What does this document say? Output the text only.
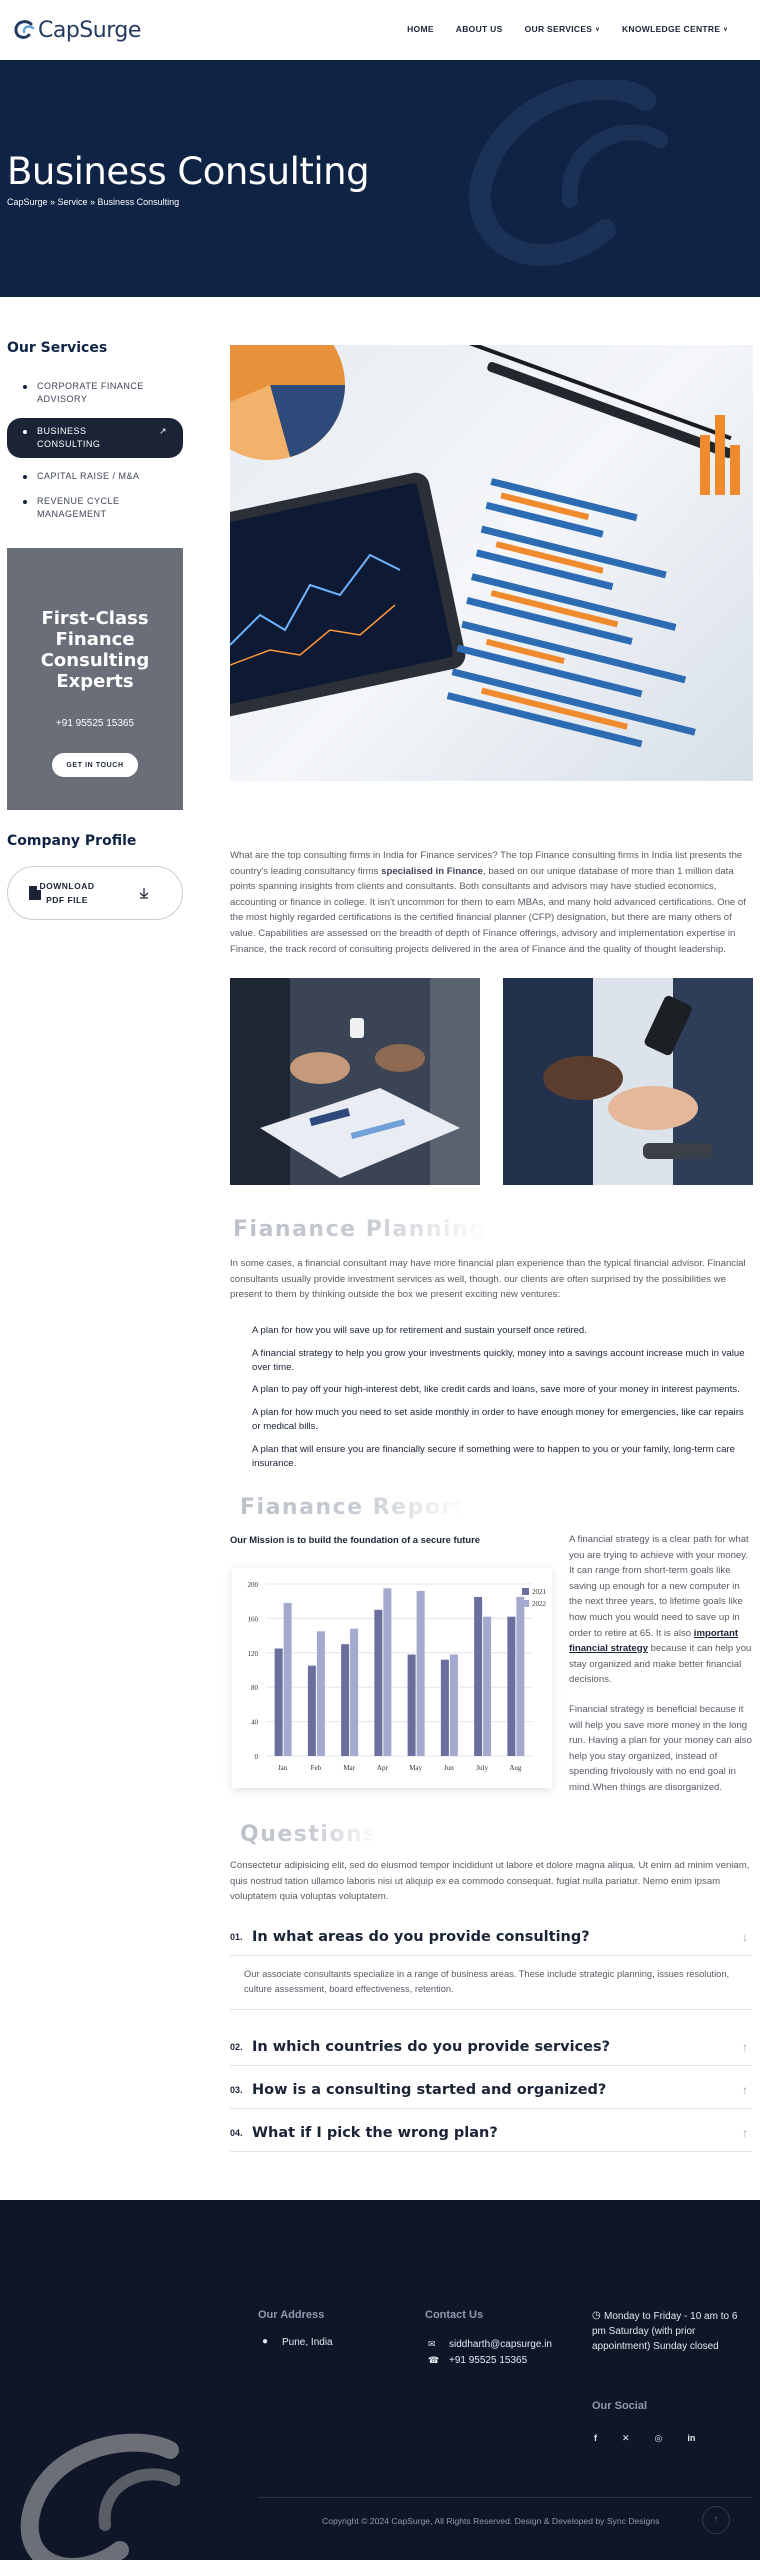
CapSurge	HOME	ABOUT US	OUR SERVICES ∨	KNOWLEDGE CENTRE ∨
Business Consulting
CapSurge » Service » Business Consulting
Our Services
CORPORATE FINANCE ADVISORY
BUSINESS CONSULTING
↗
CAPITAL RAISE / M&A
REVENUE CYCLE MANAGEMENT
First-Class Finance Consulting Experts
+91 95525 15365
GET IN TOUCH
Company Profile
DOWNLOAD PDF FILE
What are the top consulting firms in India for Finance services? The top Finance consulting firms in India list presents the country's leading consultancy firms specialised in Finance, based on our unique database of more than 1 million data points spanning insights from clients and consultants. Both consultants and advisors may have studied economics, accounting or finance in college. It isn't uncommon for them to earn MBAs, and many hold advanced certifications. One of the most highly regarded certifications is the certified financial planner (CFP) designation, but there are many others of value. Capabilities are assessed on the breadth of depth of Finance offerings, advisory and implementation expertise in Finance, the track record of consulting projects delivered in the area of Finance and the quality of thought leadership.
Fianance Planning
In some cases, a financial consultant may have more financial plan experience than the typical financial advisor. Financial consultants usually provide investment services as well, though. our clients are often surprised by the possibilities we present to them by thinking outside the box we present exciting new ventures:
A plan for how you will save up for retirement and sustain yourself once retired.
A financial strategy to help you grow your investments quickly, money into a savings account increase much in value over time.
A plan to pay off your high-interest debt, like credit cards and loans, save more of your money in interest payments.
A plan for how much you need to set aside monthly in order to have enough money for emergencies, like car repairs or medical bills.
A plan that will ensure you are financially secure if something were to happen to you or your family, long-term care insurance.
Fianance Report
Our Mission is to build the foundation of a secure future
0
40
80
120
160
200
Jan	Feb	Mar	Apr	May	Jun	July	Aug
2021
2022
A financial strategy is a clear path for what you are trying to achieve with your money. It can range from short-term goals like saving up enough for a new computer in the next three years, to lifetime goals like how much you would need to save up in order to retire at 65. It is also important financial strategy because it can help you stay organized and make better financial decisions.
Financial strategy is beneficial because it will help you save more money in the long run. Having a plan for your money can also help you stay organized, instead of spending frivolously with no end goal in mind.When things are disorganized.
Questions
Consectetur adipisicing elit, sed do eiusmod tempor incididunt ut labore et dolore magna aliqua. Ut enim ad minim veniam, quis nostrud tation ullamco laboris nisi ut aliquip ex ea commodo consequat. fugiat nulla pariatur. Nemo enim ipsam voluptatem quia voluptas voluptatem.
01. In what areas do you provide consulting?	↓
Our associate consultants specialize in a range of business areas. These include strategic planning, issues resolution, culture assessment, board effectiveness, retention.
02. In which countries do you provide services?	↑
03. How is a consulting started and organized?	↑
04. What if I pick the wrong plan?	↑
Our Address
● Pune, India
Contact Us
✉ siddharth@capsurge.in
☎ +91 95525 15365
◷ Monday to Friday - 10 am to 6 pm Saturday (with prior appointment) Sunday closed
Our Social
f	✕	◎	in
Copyright © 2024 CapSurge, All Rights Reserved. Design & Developed by Sync Designs	↑
